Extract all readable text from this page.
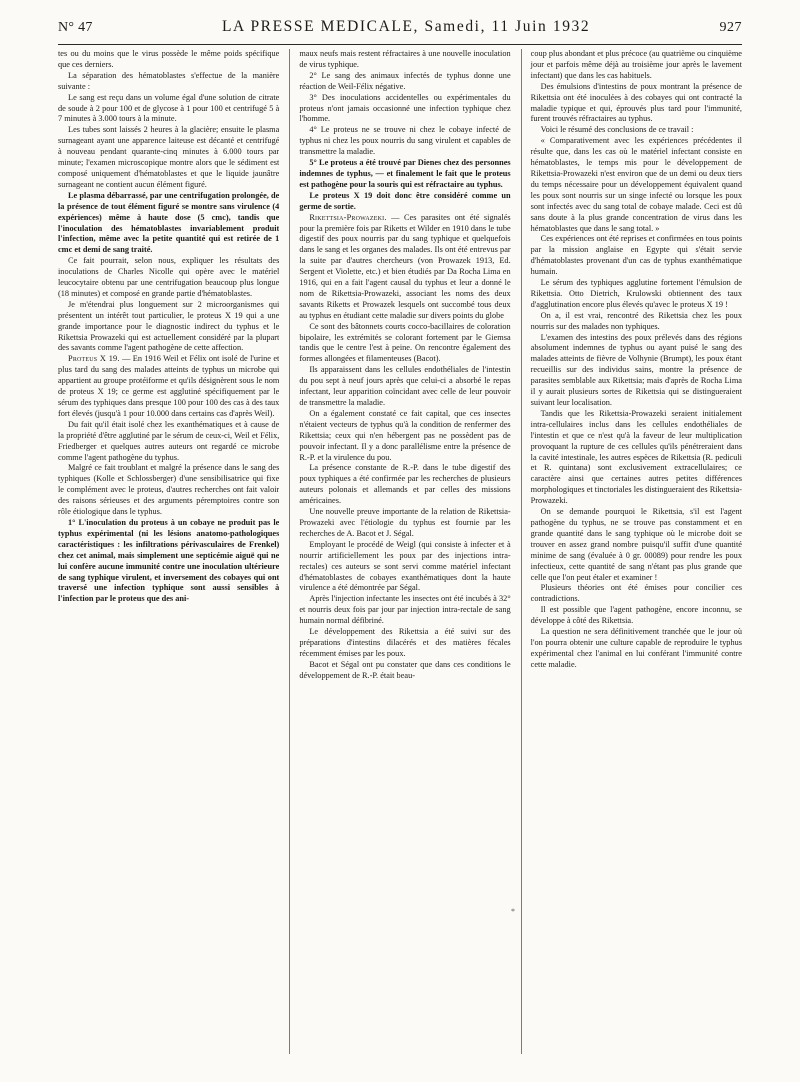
N° 47	LA PRESSE MEDICALE, Samedi, 11 Juin 1932	927

tes ou du moins que le virus possède le même poids spécifique que ces derniers.

La séparation des hématoblastes s'effectue de la manière suivante :

Le sang est reçu dans un volume égal d'une solution de citrate de soude à 2 pour 100 et de glycose à 1 pour 100 et centrifugé 5 à 7 minutes à 3.000 tours à la minute.

Les tubes sont laissés 2 heures à la glacière; ensuite le plasma surnageant ayant une apparence laiteuse est décanté et centrifugé à nouveau pendant quarante-cinq minutes à 6.000 tours par minute; l'examen microscopique montre alors que le sédiment est composé uniquement d'hématoblastes et que le liquide jaunâtre surnageant ne contient aucun élément figuré.

Le plasma débarrassé, par une centrifugation prolongée, de la présence de tout élément figuré se montre sans virulence (4 expériences) même à haute dose (5 cmc), tandis que l'inoculation des hématoblastes invariablement produit l'infection, même avec la petite quantité qui est retirée de 1 cmc et demi de sang traité.

Ce fait pourrait, selon nous, expliquer les résultats des inoculations de Charles Nicolle qui opère avec le matériel leucocytaire obtenu par une centrifugation beaucoup plus longue (18 minutes) et composé en grande partie d'hématoblastes.

Je m'étendrai plus longuement sur 2 microorganismes qui présentent un intérêt tout particulier, le proteus X 19 qui a une grande importance pour le diagnostic indirect du typhus et le Rikettsia Prowazeki qui est actuellement considéré par la plupart des savants comme l'agent pathogène de cette affection.

Proteus X 19. — En 1916 Weil et Félix ont isolé de l'urine et plus tard du sang des malades atteints de typhus un microbe qui appartient au groupe protéiforme et qu'ils désignèrent sous le nom de proteus X 19; ce germe est agglutiné spécifiquement par le sérum des typhiques dans presque 100 pour 100 des cas à des taux fort élevés (jusqu'à 1 pour 10.000 dans certains cas d'après Weil).

Du fait qu'il était isolé chez les exanthématiques et à cause de la propriété d'être agglutiné par le sérum de ceux-ci, Weil et Félix, Friedberger et quelques autres auteurs ont regardé ce microbe comme l'agent pathogène du typhus.

Malgré ce fait troublant et malgré la présence dans le sang des typhiques (Kolle et Schlossberger) d'une sensibilisatrice qui fixe le complément avec le proteus, d'autres recherches ont fait valoir des raisons sérieuses et des arguments péremptoires contre son rôle étiologique dans le typhus.

1° L'inoculation du proteus à un cobaye ne produit pas le typhus expérimental (ni les lésions anatomo-pathologiques caractéristiques : les infiltrations périvasculaires de Frenkel) chez cet animal, mais simplement une septicémie aiguë qui ne lui confère aucune immunité contre une inoculation ultérieure de sang typhique virulent, et inversement des cobayes qui ont traversé une infection typhique sont aussi sensibles à l'infection par le proteus que des ani-

maux neufs mais restent réfractaires à une nouvelle inoculation de virus typhique.

2° Le sang des animaux infectés de typhus donne une réaction de Weil-Félix négative.

3° Des inoculations accidentelles ou expérimentales du proteus n'ont jamais occasionné une infection typhique chez l'homme.

4° Le proteus ne se trouve ni chez le cobaye infecté de typhus ni chez les poux nourris du sang virulent et capables de transmettre la maladie.

5° Le proteus a été trouvé par Dienes chez des personnes indemnes de typhus, — et finalement le fait que le proteus est pathogène pour la souris qui est réfractaire au typhus.

Le proteus X 19 doit donc être considéré comme un germe de sortie.

Rikettsia-Prowazeki. — Ces parasites ont été signalés pour la première fois par Riketts et Wilder en 1910 dans le tube digestif des poux nourris par du sang typhique et quelquefois dans le sang et les organes des malades. Ils ont été entrevus par la suite par d'autres chercheurs (von Prowazek 1913, Ed. Sergent et Violette, etc.) et bien étudiés par Da Rocha Lima en 1916, qui en a fait l'agent causal du typhus et leur a donné le nom de Rikettsia-Prowazeki, associant les noms des deux savants Riketts et Prowazek lesquels ont succombé tous deux au typhus en étudiant cette maladie sur divers points du globe

Ce sont des bâtonnets courts cocco-bacillaires de coloration bipolaire, les extrémités se colorant fortement par le Giemsa tandis que le centre l'est à peine. On rencontre également des formes allongées et filamenteuses (Bacot).

Ils apparaissent dans les cellules endothéliales de l'intestin du pou sept à neuf jours après que celui-ci a absorbé le repas infectant, leur apparition coïncidant avec celle de leur pouvoir de transmettre la maladie.

On a également constaté ce fait capital, que ces insectes n'étaient vecteurs de typhus qu'à la condition de renfermer des Rikettsia; ceux qui n'en hébergent pas ne possèdent pas de pouvoir infectant. Il y a donc parallélisme entre la présence de R.-P. et la virulence du pou.

La présence constante de R.-P. dans le tube digestif des poux typhiques a été confirmée par les recherches de plusieurs auteurs polonais et allemands et par celles des missions américaines.

Une nouvelle preuve importante de la relation de Rikettsia-Prowazeki avec l'étiologie du typhus est fournie par les recherches de A. Bacot et J. Ségal.

Employant le procédé de Weigl (qui consiste à infecter et à nourrir artificiellement les poux par des injections intra-rectales) ces auteurs se sont servi comme matériel infectant d'hématoblastes de cobayes exanthématiques dont la haute virulence a été démontrée par Ségal.

Après l'injection infectante les insectes ont été incubés à 32° et nourris deux fois par jour par injection intra-rectale de sang humain normal défibriné.

Le développement des Rikettsia a été suivi sur des préparations d'intestins dilacérés et des matières fécales récemment émises par les poux.

Bacot et Ségal ont pu constater que dans ces conditions le développement de R.-P. était beau-

coup plus abondant et plus précoce (au quatrième ou cinquième jour et parfois même déjà au troisième jour après le lavement infectant) que dans les cas habituels.

Des émulsions d'intestins de poux montrant la présence de Rikettsia ont été inoculées à des cobayes qui ont contracté la maladie typique et qui, éprouvés plus tard pour l'immunité, furent trouvés réfractaires au typhus.

Voici le résumé des conclusions de ce travail :

« Comparativement avec les expériences précédentes il résulte que, dans les cas où le matériel infectant consiste en hématoblastes, le temps mis pour le développement de Rikettsia-Prowazeki n'est environ que de un demi ou deux tiers du temps nécessaire pour un développement équivalent quand les poux sont nourris sur un singe infecté ou lorsque les poux sont infectés avec du sang total de cobaye malade. Ceci est dû sans doute à la plus grande concentration de virus dans les hématoblastes que dans le sang total. »

Ces expériences ont été reprises et confirmées en tous points par la mission anglaise en Egypte qui s'était servie d'hématoblastes provenant d'un cas de typhus exanthématique humain.

Le sérum des typhiques agglutine fortement l'émulsion de Rikettsia. Otto Dietrich, Krulowski obtiennent des taux d'agglutination encore plus élevés qu'avec le proteus X 19 !

On a, il est vrai, rencontré des Rikettsia chez les poux nourris sur des malades non typhiques.

L'examen des intestins des poux prélevés dans des régions absolument indemnes de typhus ou ayant puisé le sang des malades atteints de fièvre de Volhynie (Brumpt), les poux étant recueillis sur des individus sains, montre la présence de parasites semblable aux Rikettsia; mais d'après de Rocha Lima il y aurait plusieurs sortes de Rikettsia qui se distingueraient suivant leur localisation.

Tandis que les Rikettsia-Prowazeki seraient initialement intra-cellulaires inclus dans les cellules endothéliales de l'intestin et que ce n'est qu'à la faveur de leur multiplication provoquant la rupture de ces cellules qu'ils pénétreraient dans la cavité intestinale, les autres espèces de Rikettsia (R. pediculi et R. quintana) sont exclusivement extracellulaires; ce caractère ainsi que certaines autres petites différences morphologiques et tinctoriales les distingueraient des Rikettsia-Prowazeki.

On se demande pourquoi le Rikettsia, s'il est l'agent pathogène du typhus, ne se trouve pas constamment et en grande quantité dans le sang typhique où le microbe doit se trouver en assez grand nombre puisqu'il suffit d'une quantité minime de sang (évaluée à 0 gr. 00089) pour rendre les poux infectieux, cette quantité de sang n'étant pas plus grande que celle que l'on peut étaler et examiner !

Plusieurs théories ont été émises pour concilier ces contradictions.

Il est possible que l'agent pathogène, encore inconnu, se développe à côté des Rikettsia.

La question ne sera définitivement tranchée que le jour où l'on pourra obtenir une culture capable de reproduire le typhus expérimental chez l'animal en lui conférant l'immunité contre cette maladie.

*
